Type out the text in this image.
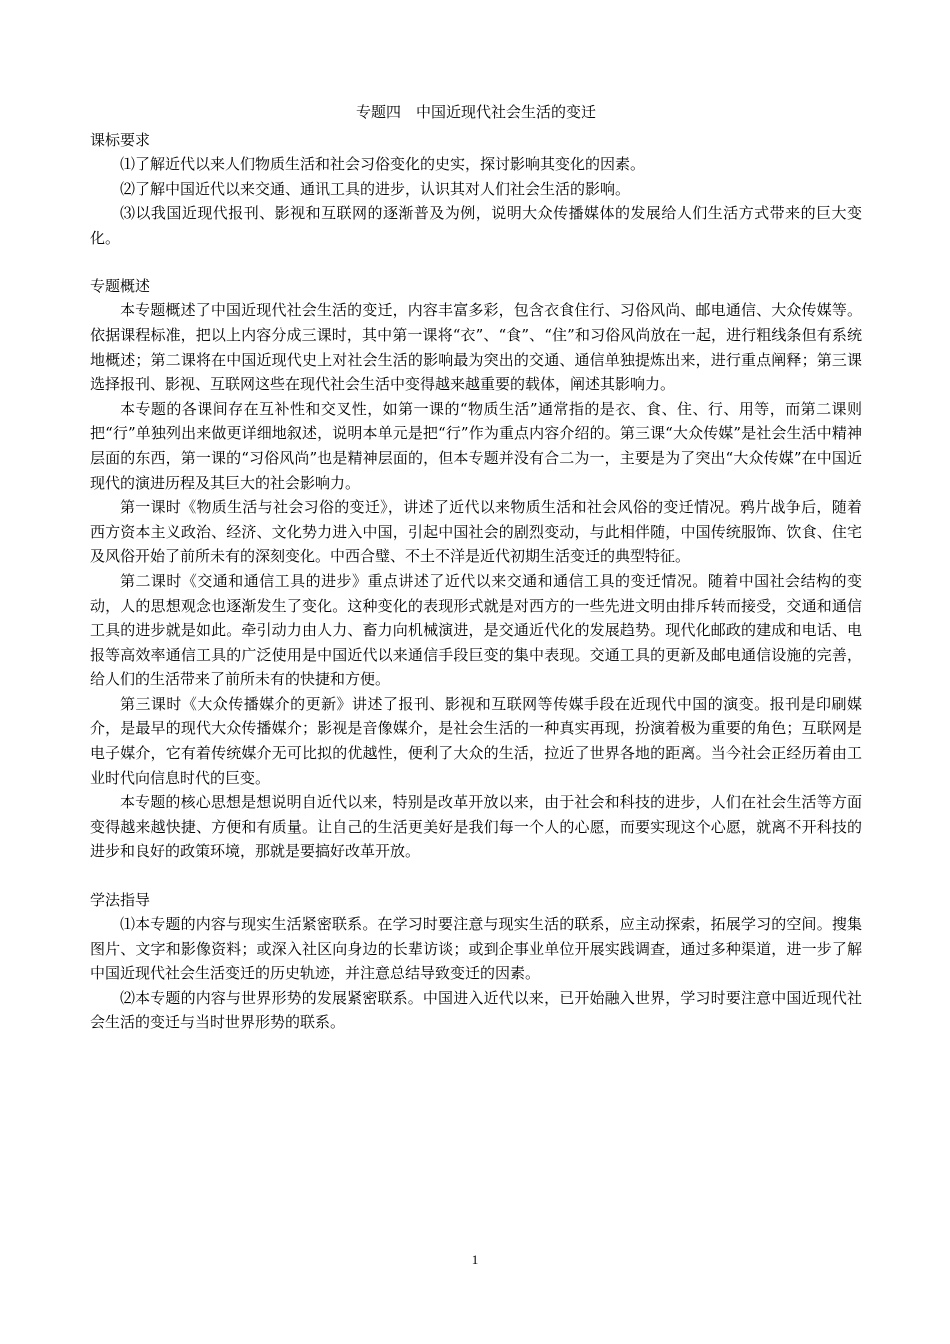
专题四　中国近现代社会生活的变迁
课标要求

⑴了解近代以来人们物质生活和社会习俗变化的史实，探讨影响其变化的因素。

⑵了解中国近代以来交通、通讯工具的进步，认识其对人们社会生活的影响。

⑶以我国近现代报刊、影视和互联网的逐渐普及为例，说明大众传播媒体的发展给人们生活方式带来的巨大变化。

专题概述

本专题概述了中国近现代社会生活的变迁，内容丰富多彩，包含衣食住行、习俗风尚、邮电通信、大众传媒等。依据课程标准，把以上内容分成三课时，其中第一课将“衣”、“食”、“住”和习俗风尚放在一起，进行粗线条但有系统地概述；第二课将在中国近现代史上对社会生活的影响最为突出的交通、通信单独提炼出来，进行重点阐释；第三课选择报刊、影视、互联网这些在现代社会生活中变得越来越重要的载体，阐述其影响力。

本专题的各课间存在互补性和交叉性，如第一课的“物质生活”通常指的是衣、食、住、行、用等，而第二课则把“行”单独列出来做更详细地叙述，说明本单元是把“行”作为重点内容介绍的。第三课“大众传媒”是社会生活中精神层面的东西，第一课的“习俗风尚”也是精神层面的，但本专题并没有合二为一，主要是为了突出“大众传媒”在中国近现代的演进历程及其巨大的社会影响力。

第一课时《物质生活与社会习俗的变迁》，讲述了近代以来物质生活和社会风俗的变迁情况。鸦片战争后，随着西方资本主义政治、经济、文化势力进入中国，引起中国社会的剧烈变动，与此相伴随，中国传统服饰、饮食、住宅及风俗开始了前所未有的深刻变化。中西合璧、不土不洋是近代初期生活变迁的典型特征。

第二课时《交通和通信工具的进步》重点讲述了近代以来交通和通信工具的变迁情况。随着中国社会结构的变动，人的思想观念也逐渐发生了变化。这种变化的表现形式就是对西方的一些先进文明由排斥转而接受，交通和通信工具的进步就是如此。牵引动力由人力、畜力向机械演进，是交通近代化的发展趋势。现代化邮政的建成和电话、电报等高效率通信工具的广泛使用是中国近代以来通信手段巨变的集中表现。交通工具的更新及邮电通信设施的完善，给人们的生活带来了前所未有的快捷和方便。

第三课时《大众传播媒介的更新》讲述了报刊、影视和互联网等传媒手段在近现代中国的演变。报刊是印刷媒介，是最早的现代大众传播媒介；影视是音像媒介，是社会生活的一种真实再现，扮演着极为重要的角色；互联网是电子媒介，它有着传统媒介无可比拟的优越性，便利了大众的生活，拉近了世界各地的距离。当今社会正经历着由工业时代向信息时代的巨变。

本专题的核心思想是想说明自近代以来，特别是改革开放以来，由于社会和科技的进步，人们在社会生活等方面变得越来越快捷、方便和有质量。让自己的生活更美好是我们每一个人的心愿，而要实现这个心愿，就离不开科技的进步和良好的政策环境，那就是要搞好改革开放。

学法指导

⑴本专题的内容与现实生活紧密联系。在学习时要注意与现实生活的联系，应主动探索，拓展学习的空间。搜集图片、文字和影像资料；或深入社区向身边的长辈访谈；或到企事业单位开展实践调查，通过多种渠道，进一步了解中国近现代社会生活变迁的历史轨迹，并注意总结导致变迁的因素。

⑵本专题的内容与世界形势的发展紧密联系。中国进入近代以来，已开始融入世界，学习时要注意中国近现代社会生活的变迁与当时世界形势的联系。

1
